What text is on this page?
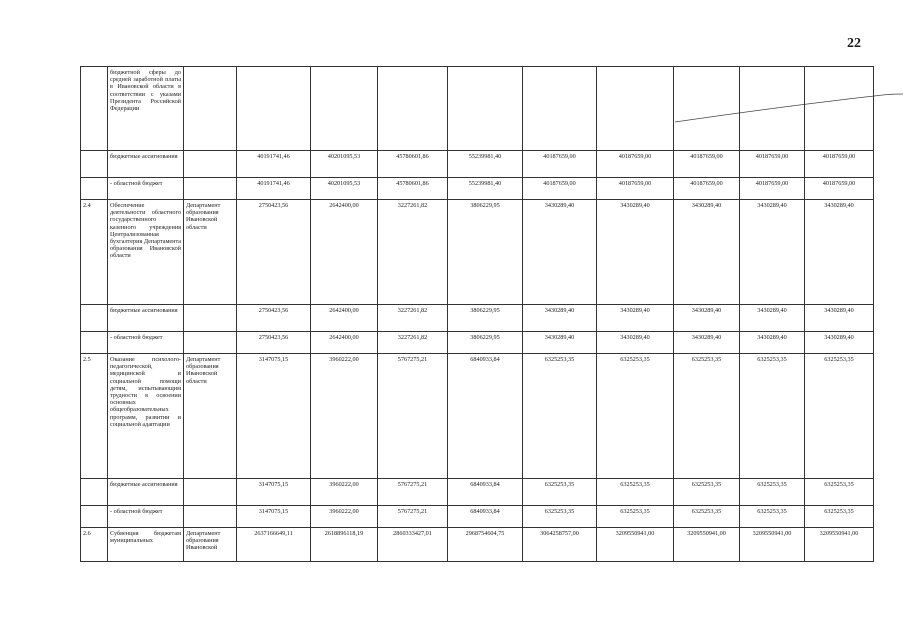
22
	бюджетной сферы до средней заработной платы в Ивановской области в соответствии с указами Президента Российской Федерации										
	бюджетные ассигнования		40191741,46	40201095,53	45780601,86	55239981,40	40187659,00	40187659,00	40187659,00	40187659,00	40187659,00
	- областной бюджет		40191741,46	40201095,53	45780601,86	55239981,40	40187659,00	40187659,00	40187659,00	40187659,00	40187659,00
2.4	Обеспечение деятельности областного государственного казенного учреждения Централизованная бухгалтерия Департамента образования Ивановской области	Департамент образования Ивановской области	2750423,56	2642400,00	3227261,82	3806229,95	3430289,40	3430289,40	3430289,40	3430289,40	3430289,40
	бюджетные ассигнования		2750423,56	2642400,00	3227261,82	3806229,95	3430289,40	3430289,40	3430289,40	3430289,40	3430289,40
	- областной бюджет		2750423,56	2642400,00	3227261,82	3806229,95	3430289,40	3430289,40	3430289,40	3430289,40	3430289,40
2.5	Оказание психолого-педагогической, медицинской и социальной помощи детям, испытывающим трудности в освоении основных общеобразовательных программ, развитии и социальной адаптации	Департамент образования Ивановской области	3147075,15	3960222,00	5767275,21	6840933,84	6325253,35	6325253,35	6325253,35	6325253,35	6325253,35
	бюджетные ассигнования		3147075,15	3960222,00	5767275,21	6840933,84	6325253,35	6325253,35	6325253,35	6325253,35	6325253,35
	- областной бюджет		3147075,15	3960222,00	5767275,21	6840933,84	6325253,35	6325253,35	6325253,35	6325253,35	6325253,35
2.6	Субвенция бюджетам муниципальных	Департамент образования Ивановской	2637166649,11	2618896118,19	2860333427,01	2968754604,75	3064258757,00	3209550941,00	3209550941,00	3209550941,00	3209550941,00
